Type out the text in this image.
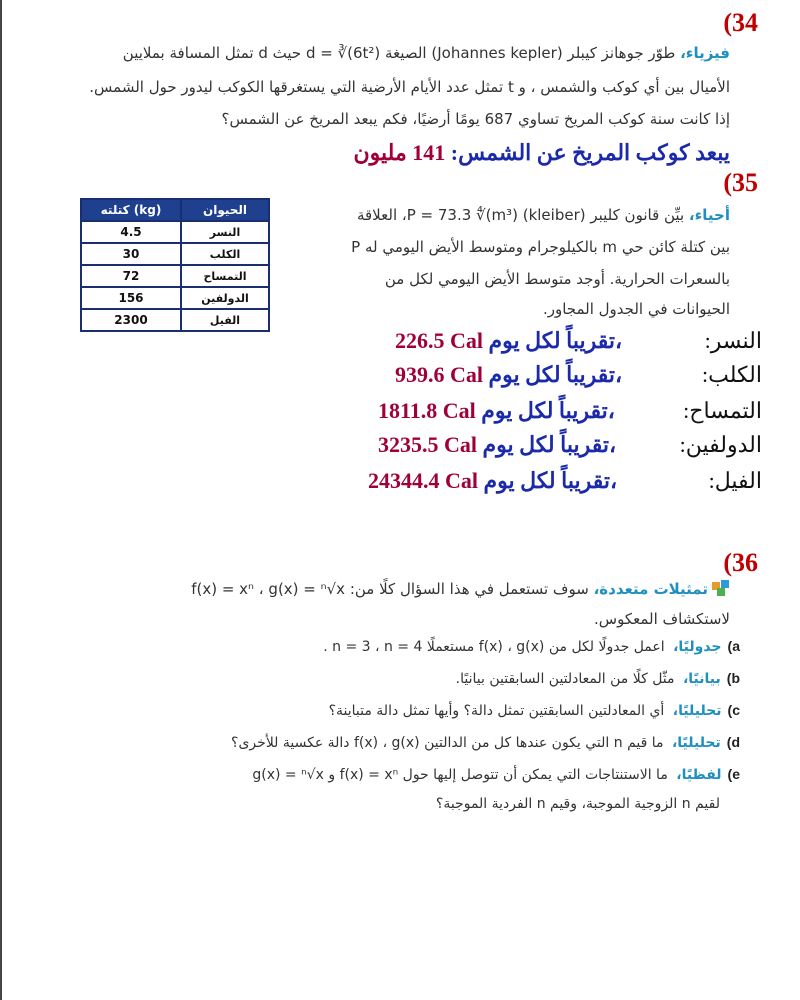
(34
فيزياء، طوّر جوهانز كيبلر (Johannes kepler) الصيغة d = ∛(6t²) حيث d تمثل المسافة بملايين
الأميال بين أي كوكب والشمس ، و t تمثل عدد الأيام الأرضية التي يستغرقها الكوكب ليدور حول الشمس.
إذا كانت سنة كوكب المريخ تساوي 687 يومًا أرضيًا، فكم يبعد المريخ عن الشمس؟
يبعد كوكب المريخ عن الشمس: 141 مليون
(35
أحياء، بيِّن قانون كليبر (kleiber) P = 73.3 ∜(m³)، العلاقة
بين كتلة كائن حي m بالكيلوجرام ومتوسط الأيض اليومي له P
بالسعرات الحرارية. أوجد متوسط الأيض اليومي لكل من
الحيوانات في الجدول المجاور.
كتلته (kg)	الحيوان
4.5	النسر
30	الكلب
72	التمساح
156	الدولفين
2300	الفيل
النسر:
226.5 Cal تقريباً لكل يوم،
الكلب:
939.6 Cal تقريباً لكل يوم،
التمساح:
1811.8 Cal تقريباً لكل يوم،
الدولفين:
3235.5 Cal تقريباً لكل يوم،
الفيل:
24344.4 Cal تقريباً لكل يوم،
(36
تمثيلات متعددة، سوف تستعمل في هذا السؤال كلًا من: f(x) = xⁿ ، g(x) = ⁿ√x
لاستكشاف المعكوس.
a)جدوليًا، اعمل جدولًا لكل من f(x) ، g(x) مستعملًا n = 3 ، n = 4 .
b)بيانيًا، مثّل كلًا من المعادلتين السابقتين بيانيًا.
c)تحليليًا، أي المعادلتين السابقتين تمثل دالة؟ وأيها تمثل دالة متباينة؟
d)تحليليًا، ما قيم n التي يكون عندها كل من الدالتين f(x) ، g(x) دالة عكسية للأخرى؟
e)لفظيًا، ما الاستنتاجات التي يمكن أن تتوصل إليها حول f(x) = xⁿ و g(x) = ⁿ√x
لقيم n الزوجية الموجبة، وقيم n الفردية الموجبة؟
